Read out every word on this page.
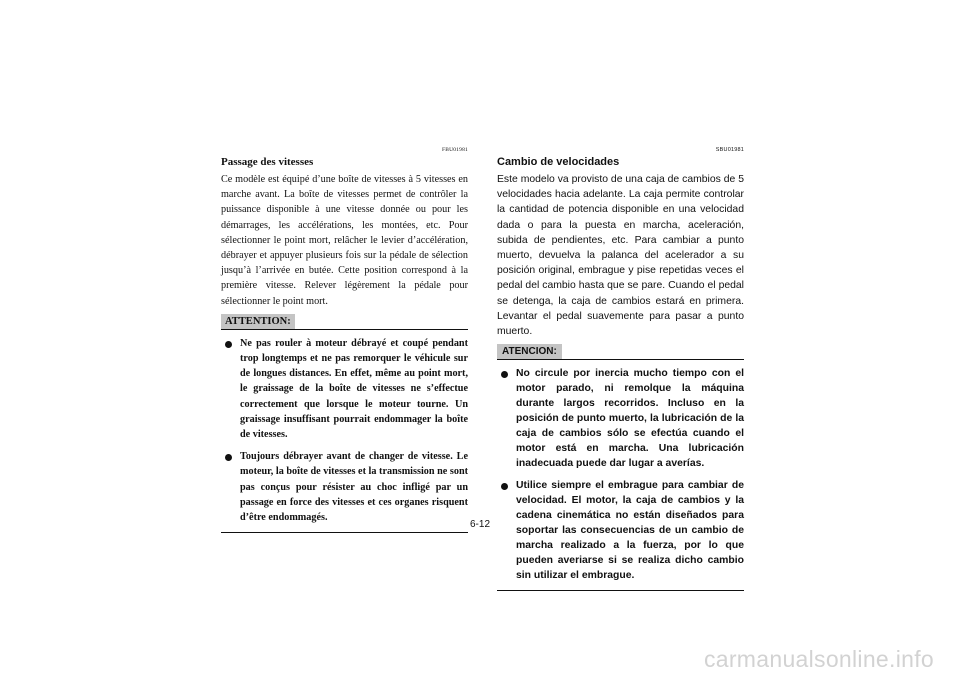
FBU01981
Passage des vitesses

Ce modèle est équipé d’une boîte de vitesses à 5 vitesses en marche avant. La boîte de vitesses permet de contrôler la puissance disponible à une vitesse donnée ou pour les démarrages, les accélérations, les montées, etc. Pour sélectionner le point mort, relâcher le levier d’accélération, débrayer et appuyer plusieurs fois sur la pédale de sélection jusqu’à l’arrivée en butée. Cette position correspond à la première vitesse. Relever légèrement la pédale pour sélectionner le point mort.

ATTENTION:
Ne pas rouler à moteur débrayé et coupé pendant trop longtemps et ne pas remorquer le véhicule sur de longues distances. En effet, même au point mort, le graissage de la boîte de vitesses ne s’effectue correctement que lorsque le moteur tourne. Un graissage insuffisant pourrait endommager la boîte de vitesses.
Toujours débrayer avant de changer de vitesse. Le moteur, la boîte de vitesses et la transmission ne sont pas conçus pour résister au choc infligé par un passage en force des vitesses et ces organes risquent d’être endommagés.
SBU01981
Cambio de velocidades

Este modelo va provisto de una caja de cambios de 5 velocidades hacia adelante. La caja permite controlar la cantidad de potencia disponible en una velocidad dada o para la puesta en marcha, aceleración, subida de pendientes, etc. Para cambiar a punto muerto, devuelva la palanca del acelerador a su posición original, embrague y pise repetidas veces el pedal del cambio hasta que se pare. Cuando el pedal se detenga, la caja de cambios estará en primera. Levantar el pedal suavemente para pasar a punto muerto.

ATENCION:
No circule por inercia mucho tiempo con el motor parado, ni remolque la máquina durante largos recorridos. Incluso en la posición de punto muerto, la lubricación de la caja de cambios sólo se efectúa cuando el motor está en marcha. Una lubricación inadecuada puede dar lugar a averías.
Utilice siempre el embrague para cambiar de velocidad. El motor, la caja de cambios y la cadena cinemática no están diseñados para soportar las consecuencias de un cambio de marcha realizado a la fuerza, por lo que pueden averiarse si se realiza dicho cambio sin utilizar el embrague.
6-12
carmanualsonline.info
